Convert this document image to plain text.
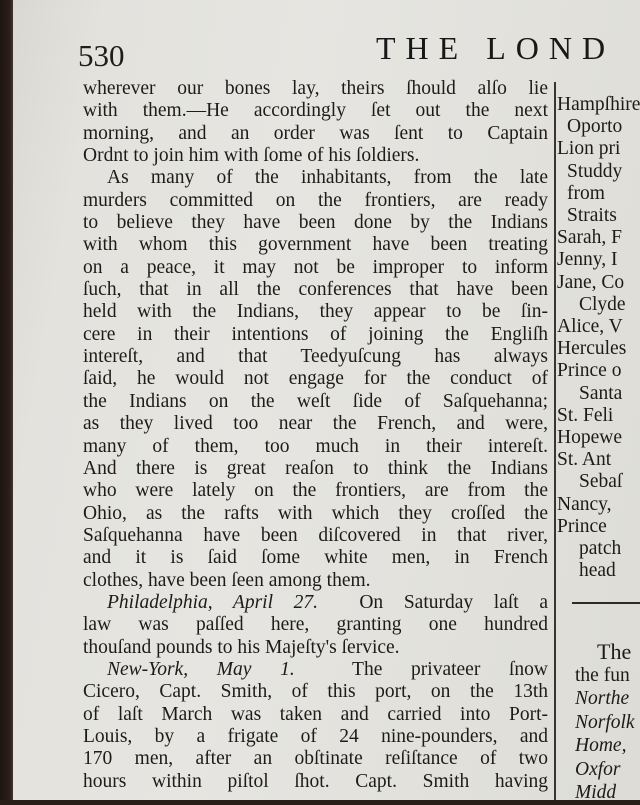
530	THE LOND
wherever our bones lay, theirs ſhould alſo lie
with them.—He accordingly ſet out the next
morning, and an order was ſent to Captain
Ordnt to join him with ſome of his ſoldiers.
As many of the inhabitants, from the late
murders committed on the frontiers, are ready
to believe they have been done by the Indians
with whom this government have been treating
on a peace, it may not be improper to inform
ſuch, that in all the conferences that have been
held with the Indians, they appear to be ſin-
cere in their intentions of joining the Engliſh
intereſt, and that Teedyuſcung has always
ſaid, he would not engage for the conduct of
the Indians on the weſt ſide of Saſquehanna;
as they lived too near the French, and were,
many of them, too much in their intereſt.
And there is great reaſon to think the Indians
who were lately on the frontiers, are from the
Ohio, as the rafts with which they croſſed the
Saſquehanna have been diſcovered in that river,
and it is ſaid ſome white men, in French
clothes, have been ſeen among them.
Philadelphia, April 27. On Saturday laſt a
law was paſſed here, granting one hundred
thouſand pounds to his Majeſty's ſervice.
New-York, May 1.	The privateer ſnow
Cicero, Capt. Smith, of this port, on the 13th
of laſt March was taken and carried into Port-
Louis, by a frigate of 24 nine-pounders, and
170 men, after an obſtinate reſiſtance of two
hours within piſtol ſhot. Capt. Smith having
Hampſhire
Oporto
Lion pri
Studdy
from
Straits
Sarah, F
Jenny, I
Jane, Co
Clyde
Alice, V
Hercules
Prince o
Santa
St. Feli
Hopewe
St. Ant
Sebaſ
Nancy,
Prince
patch
head
The
the fun
Northe
Norfolk
Home,
Oxfor
Midd
